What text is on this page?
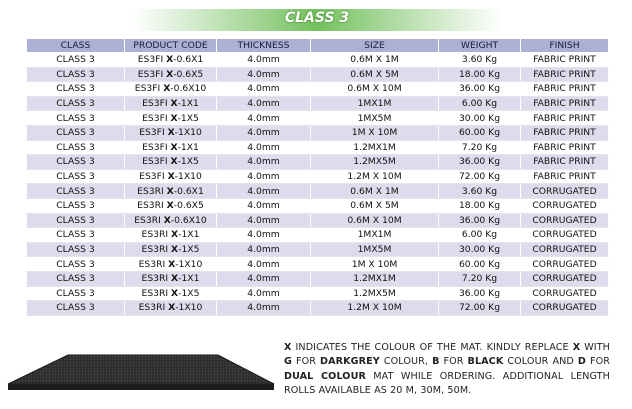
CLASS 3
CLASS	PRODUCT CODE	THICKNESS	SIZE	WEIGHT	FINISH
CLASS 3	ES3FI X-0.6X1	4.0mm	0.6M X 1M	3.60 Kg	FABRIC PRINT
CLASS 3	ES3FI X-0.6X5	4.0mm	0.6M X 5M	18.00 Kg	FABRIC PRINT
CLASS 3	ES3FI X-0.6X10	4.0mm	0.6M X 10M	36.00 Kg	FABRIC PRINT
CLASS 3	ES3FI X-1X1	4.0mm	1MX1M	6.00 Kg	FABRIC PRINT
CLASS 3	ES3FI X-1X5	4.0mm	1MX5M	30.00 Kg	FABRIC PRINT
CLASS 3	ES3FI X-1X10	4.0mm	1M X 10M	60.00 Kg	FABRIC PRINT
CLASS 3	ES3FI X-1X1	4.0mm	1.2MX1M	7.20 Kg	FABRIC PRINT
CLASS 3	ES3FI X-1X5	4.0mm	1.2MX5M	36.00 Kg	FABRIC PRINT
CLASS 3	ES3FI X-1X10	4.0mm	1.2M X 10M	72.00 Kg	FABRIC PRINT
CLASS 3	ES3RI X-0.6X1	4.0mm	0.6M X 1M	3.60 Kg	CORRUGATED
CLASS 3	ES3RI X-0.6X5	4.0mm	0.6M X 5M	18.00 Kg	CORRUGATED
CLASS 3	ES3RI X-0.6X10	4.0mm	0.6M X 10M	36.00 Kg	CORRUGATED
CLASS 3	ES3RI X-1X1	4.0mm	1MX1M	6.00 Kg	CORRUGATED
CLASS 3	ES3RI X-1X5	4.0mm	1MX5M	30.00 Kg	CORRUGATED
CLASS 3	ES3RI X-1X10	4.0mm	1M X 10M	60.00 Kg	CORRUGATED
CLASS 3	ES3RI X-1X1	4.0mm	1.2MX1M	7.20 Kg	CORRUGATED
CLASS 3	ES3RI X-1X5	4.0mm	1.2MX5M	36.00 Kg	CORRUGATED
CLASS 3	ES3RI X-1X10	4.0mm	1.2M X 10M	72.00 Kg	CORRUGATED
X INDICATES THE COLOUR OF THE MAT. KINDLY REPLACE X WITH G FOR DARKGREY COLOUR, B FOR BLACK COLOUR AND D FOR DUAL COLOUR MAT WHILE ORDERING. ADDITIONAL LENGTH ROLLS AVAILABLE AS 20 M, 30M, 50M.
